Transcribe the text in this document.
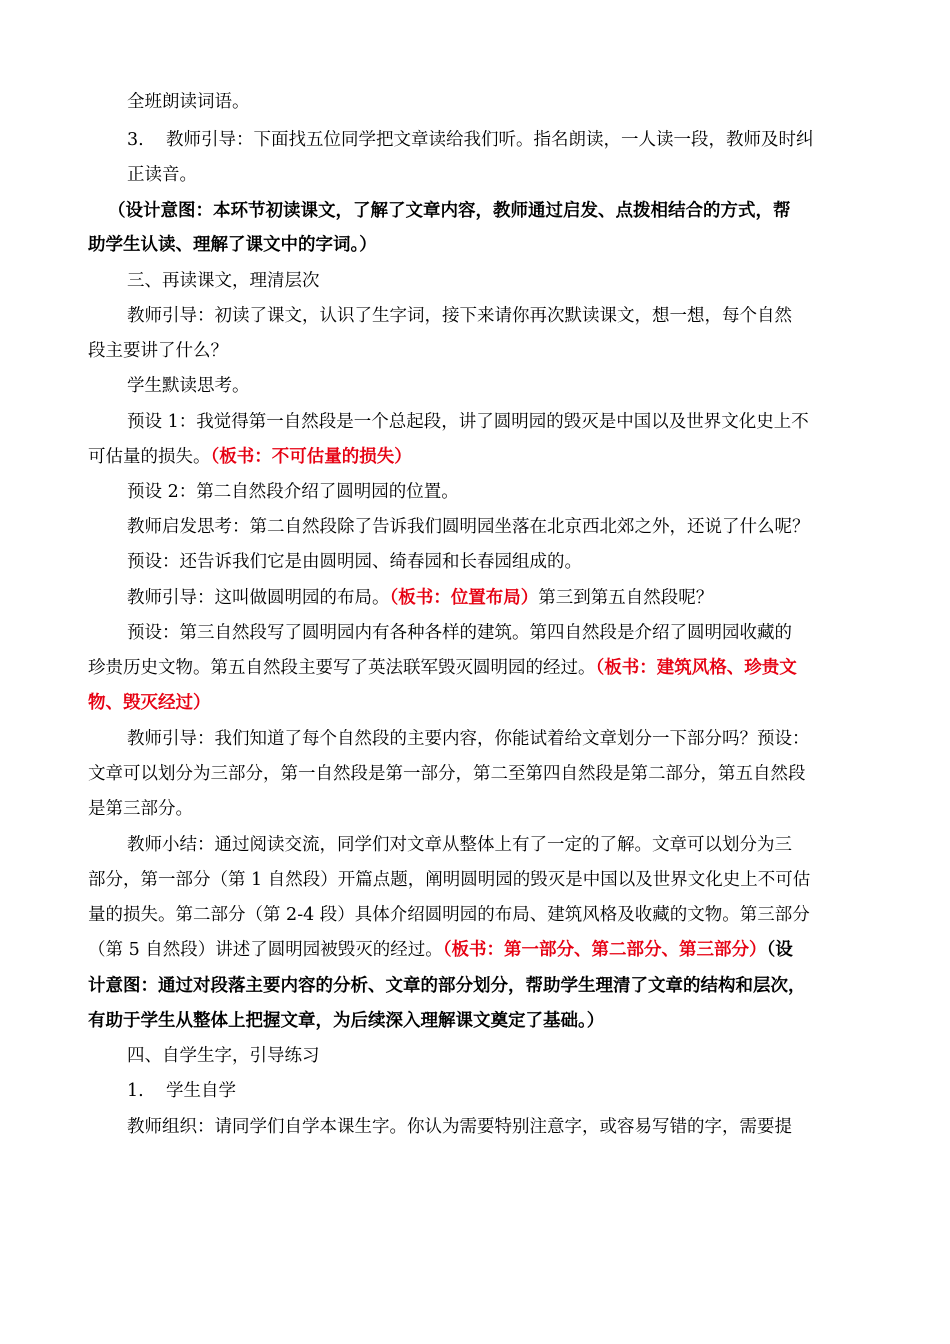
全班朗读词语。
3.    教师引导：下面找五位同学把文章读给我们听。指名朗读，一人读一段，教师及时纠
正读音。
（设计意图：本环节初读课文，了解了文章内容，教师通过启发、点拨相结合的方式，帮
助学生认读、理解了课文中的字词。）
三、再读课文，理清层次
教师引导：初读了课文，认识了生字词，接下来请你再次默读课文，想一想，每个自然
段主要讲了什么？
学生默读思考。
预设 1：我觉得第一自然段是一个总起段，讲了圆明园的毁灭是中国以及世界文化史上不
可估量的损失。（板书：不可估量的损失）
预设 2：第二自然段介绍了圆明园的位置。
教师启发思考：第二自然段除了告诉我们圆明园坐落在北京西北郊之外，还说了什么呢？
预设：还告诉我们它是由圆明园、绮春园和长春园组成的。
教师引导：这叫做圆明园的布局。（板书：位置布局）第三到第五自然段呢？
预设：第三自然段写了圆明园内有各种各样的建筑。第四自然段是介绍了圆明园收藏的
珍贵历史文物。第五自然段主要写了英法联军毁灭圆明园的经过。（板书：建筑风格、珍贵文
物、毁灭经过）
教师引导：我们知道了每个自然段的主要内容，你能试着给文章划分一下部分吗？预设：
文章可以划分为三部分，第一自然段是第一部分，第二至第四自然段是第二部分，第五自然段
是第三部分。
教师小结：通过阅读交流，同学们对文章从整体上有了一定的了解。文章可以划分为三
部分，第一部分（第 1 自然段）开篇点题，阐明圆明园的毁灭是中国以及世界文化史上不可估
量的损失。第二部分（第 2-4 段）具体介绍圆明园的布局、建筑风格及收藏的文物。第三部分
（第 5 自然段）讲述了圆明园被毁灭的经过。（板书：第一部分、第二部分、第三部分）（设
计意图：通过对段落主要内容的分析、文章的部分划分，帮助学生理清了文章的结构和层次，
有助于学生从整体上把握文章，为后续深入理解课文奠定了基础。）
四、自学生字，引导练习
1.    学生自学
教师组织：请同学们自学本课生字。你认为需要特别注意字，或容易写错的字，需要提
